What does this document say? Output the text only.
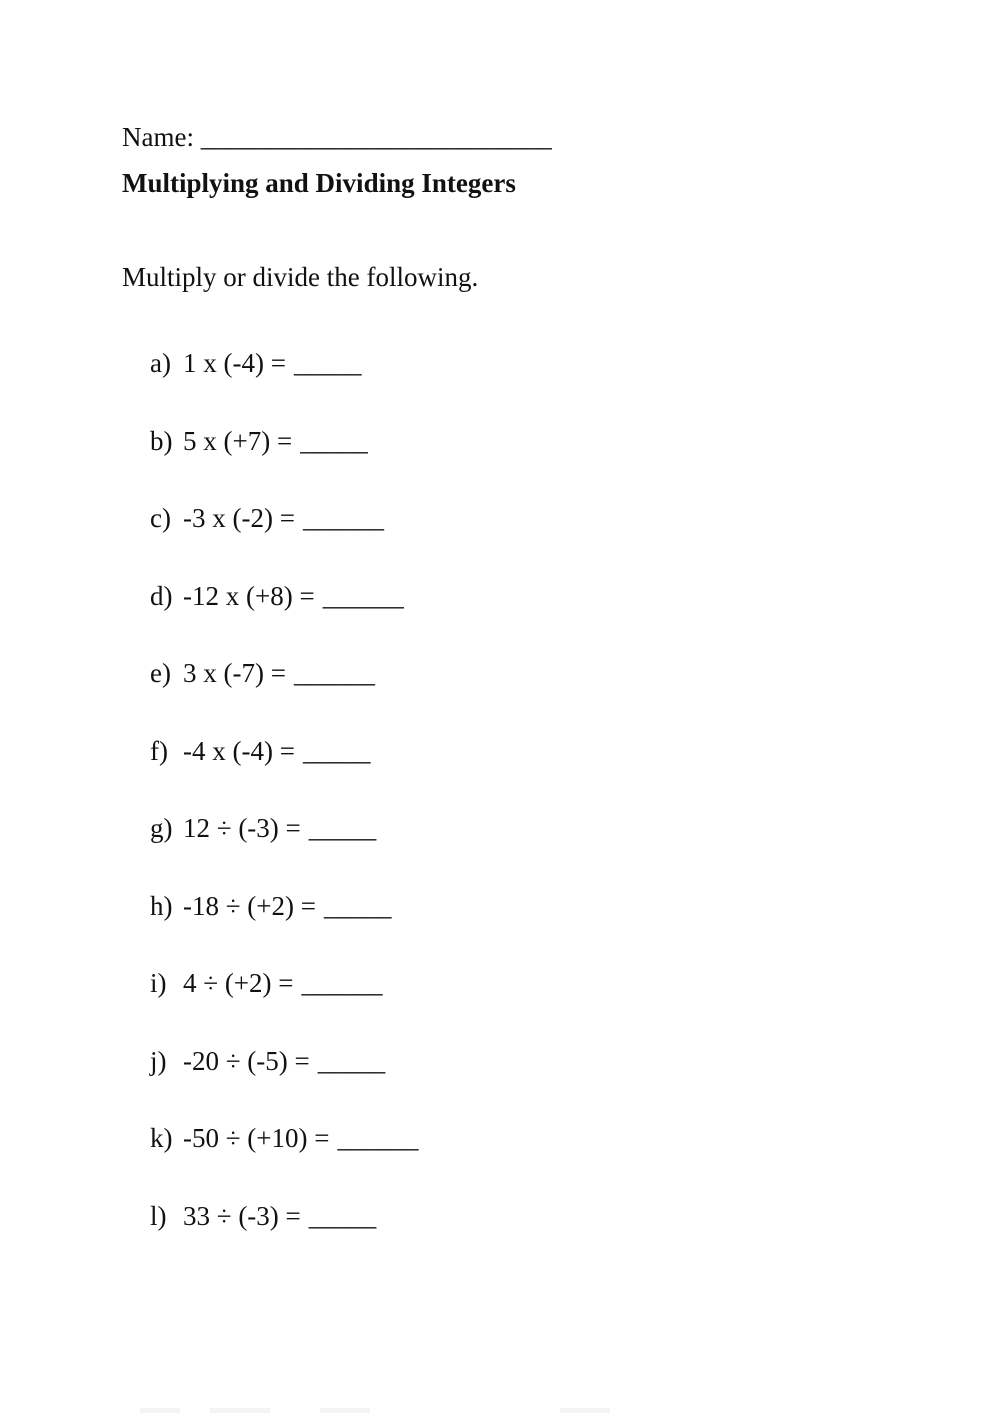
Name: __________________________
Multiplying and Dividing Integers
Multiply or divide the following.
a) 1 x (-4) = _____
b) 5 x (+7) = _____
c) -3 x (-2) = ______
d) -12 x (+8) = ______
e) 3 x (-7) = ______
f) -4 x (-4) = _____
g) 12 ÷ (-3) = _____
h) -18 ÷ (+2) = _____
i) 4 ÷ (+2) = ______
j) -20 ÷ (-5) = _____
k) -50 ÷ (+10) = ______
l) 33 ÷ (-3) = _____
